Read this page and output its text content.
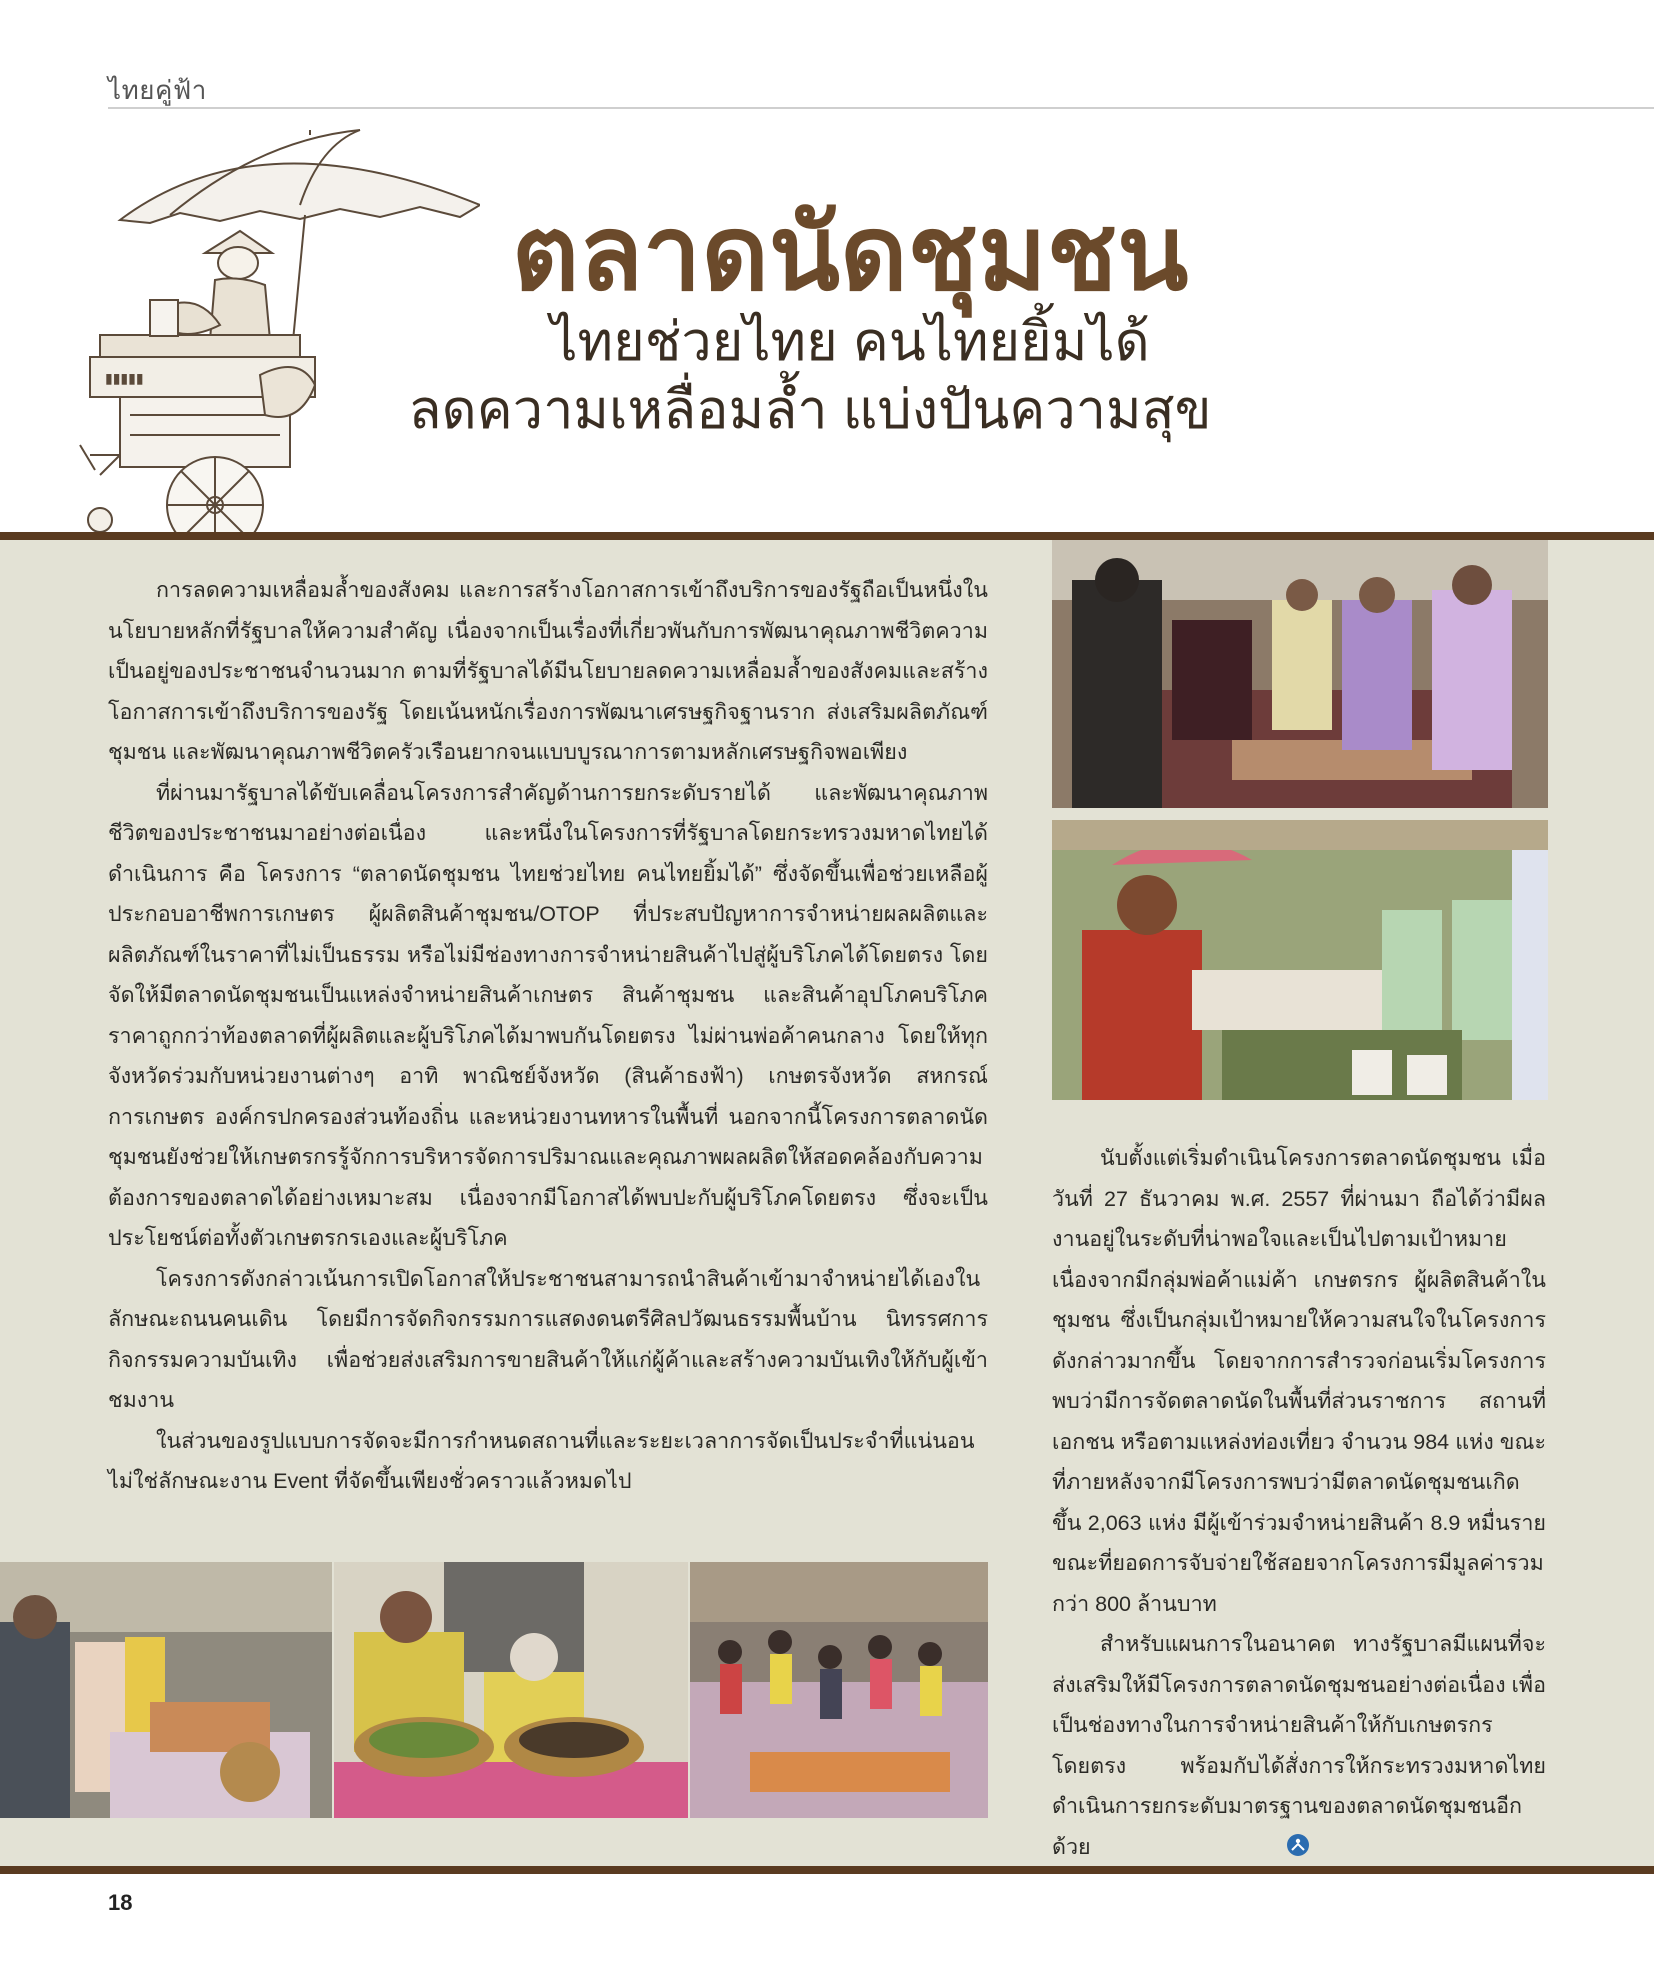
ไทยคู่ฟ้า
▮▮▮▮▮
ตลาดนัดชุมชน

ไทยช่วยไทย คนไทยยิ้มได้

ลดความเหลื่อมล้ำ แบ่งปันความสุข

การลดความเหลื่อมล้ำของสังคม และการสร้างโอกาสการเข้าถึงบริการของรัฐถือเป็นหนึ่งในนโยบายหลักที่รัฐบาลให้ความสำคัญ เนื่องจากเป็นเรื่องที่เกี่ยวพันกับการพัฒนาคุณภาพชีวิตความเป็นอยู่ของประชาชนจำนวนมาก ตามที่รัฐบาลได้มีนโยบายลดความเหลื่อมล้ำของสังคมและสร้างโอกาสการเข้าถึงบริการของรัฐ โดยเน้นหนักเรื่องการพัฒนาเศรษฐกิจฐานราก ส่งเสริมผลิตภัณฑ์ชุมชน และพัฒนาคุณภาพชีวิตครัวเรือนยากจนแบบบูรณาการตามหลักเศรษฐกิจพอเพียง

ที่ผ่านมารัฐบาลได้ขับเคลื่อนโครงการสำคัญด้านการยกระดับรายได้ และพัฒนาคุณภาพชีวิตของประชาชนมาอย่างต่อเนื่อง และหนึ่งในโครงการที่รัฐบาลโดยกระทรวงมหาดไทยได้ดำเนินการ คือ โครงการ “ตลาดนัดชุมชน ไทยช่วยไทย คนไทยยิ้มได้” ซึ่งจัดขึ้นเพื่อช่วยเหลือผู้ประกอบอาชีพการเกษตร ผู้ผลิตสินค้าชุมชน/OTOP ที่ประสบปัญหาการจำหน่ายผลผลิตและผลิตภัณฑ์ในราคาที่ไม่เป็นธรรม หรือไม่มีช่องทางการจำหน่ายสินค้าไปสู่ผู้บริโภคได้โดยตรง โดยจัดให้มีตลาดนัดชุมชนเป็นแหล่งจำหน่ายสินค้าเกษตร สินค้าชุมชน และสินค้าอุปโภคบริโภคราคาถูกกว่าท้องตลาดที่ผู้ผลิตและผู้บริโภคได้มาพบกันโดยตรง ไม่ผ่านพ่อค้าคนกลาง โดยให้ทุกจังหวัดร่วมกับหน่วยงานต่างๆ อาทิ พาณิชย์จังหวัด (สินค้าธงฟ้า) เกษตรจังหวัด สหกรณ์การเกษตร องค์กรปกครองส่วนท้องถิ่น และหน่วยงานทหารในพื้นที่ นอกจากนี้โครงการตลาดนัดชุมชนยังช่วยให้เกษตรกรรู้จักการบริหารจัดการปริมาณและคุณภาพผลผลิตให้สอดคล้องกับความต้องการของตลาดได้อย่างเหมาะสม เนื่องจากมีโอกาสได้พบปะกับผู้บริโภคโดยตรง ซึ่งจะเป็นประโยชน์ต่อทั้งตัวเกษตรกรเองและผู้บริโภค

โครงการดังกล่าวเน้นการเปิดโอกาสให้ประชาชนสามารถนำสินค้าเข้ามาจำหน่ายได้เองในลักษณะถนนคนเดิน โดยมีการจัดกิจกรรมการแสดงดนตรีศิลปวัฒนธรรมพื้นบ้าน นิทรรศการกิจกรรมความบันเทิง เพื่อช่วยส่งเสริมการขายสินค้าให้แก่ผู้ค้าและสร้างความบันเทิงให้กับผู้เข้าชมงาน

ในส่วนของรูปแบบการจัดจะมีการกำหนดสถานที่และระยะเวลาการจัดเป็นประจำที่แน่นอน ไม่ใช่ลักษณะงาน Event ที่จัดขึ้นเพียงชั่วคราวแล้วหมดไป

นับตั้งแต่เริ่มดำเนินโครงการตลาดนัดชุมชน เมื่อวันที่ 27 ธันวาคม พ.ศ. 2557 ที่ผ่านมา ถือได้ว่ามีผลงานอยู่ในระดับที่น่าพอใจและเป็นไปตามเป้าหมาย เนื่องจากมีกลุ่มพ่อค้าแม่ค้า เกษตรกร ผู้ผลิตสินค้าในชุมชน ซึ่งเป็นกลุ่มเป้าหมายให้ความสนใจในโครงการดังกล่าวมากขึ้น โดยจากการสำรวจก่อนเริ่มโครงการพบว่ามีการจัดตลาดนัดในพื้นที่ส่วนราชการ สถานที่เอกชน หรือตามแหล่งท่องเที่ยว จำนวน 984 แห่ง ขณะที่ภายหลังจากมีโครงการพบว่ามีตลาดนัดชุมชนเกิดขึ้น 2,063 แห่ง มีผู้เข้าร่วมจำหน่ายสินค้า 8.9 หมื่นราย ขณะที่ยอดการจับจ่ายใช้สอยจากโครงการมีมูลค่ารวมกว่า 800 ล้านบาท

สำหรับแผนการในอนาคต ทางรัฐบาลมีแผนที่จะส่งเสริมให้มีโครงการตลาดนัดชุมชนอย่างต่อเนื่อง เพื่อเป็นช่องทางในการจำหน่ายสินค้าให้กับเกษตรกรโดยตรง พร้อมกับได้สั่งการให้กระทรวงมหาดไทยดำเนินการยกระดับมาตรฐานของตลาดนัดชุมชนอีกด้วย

18
